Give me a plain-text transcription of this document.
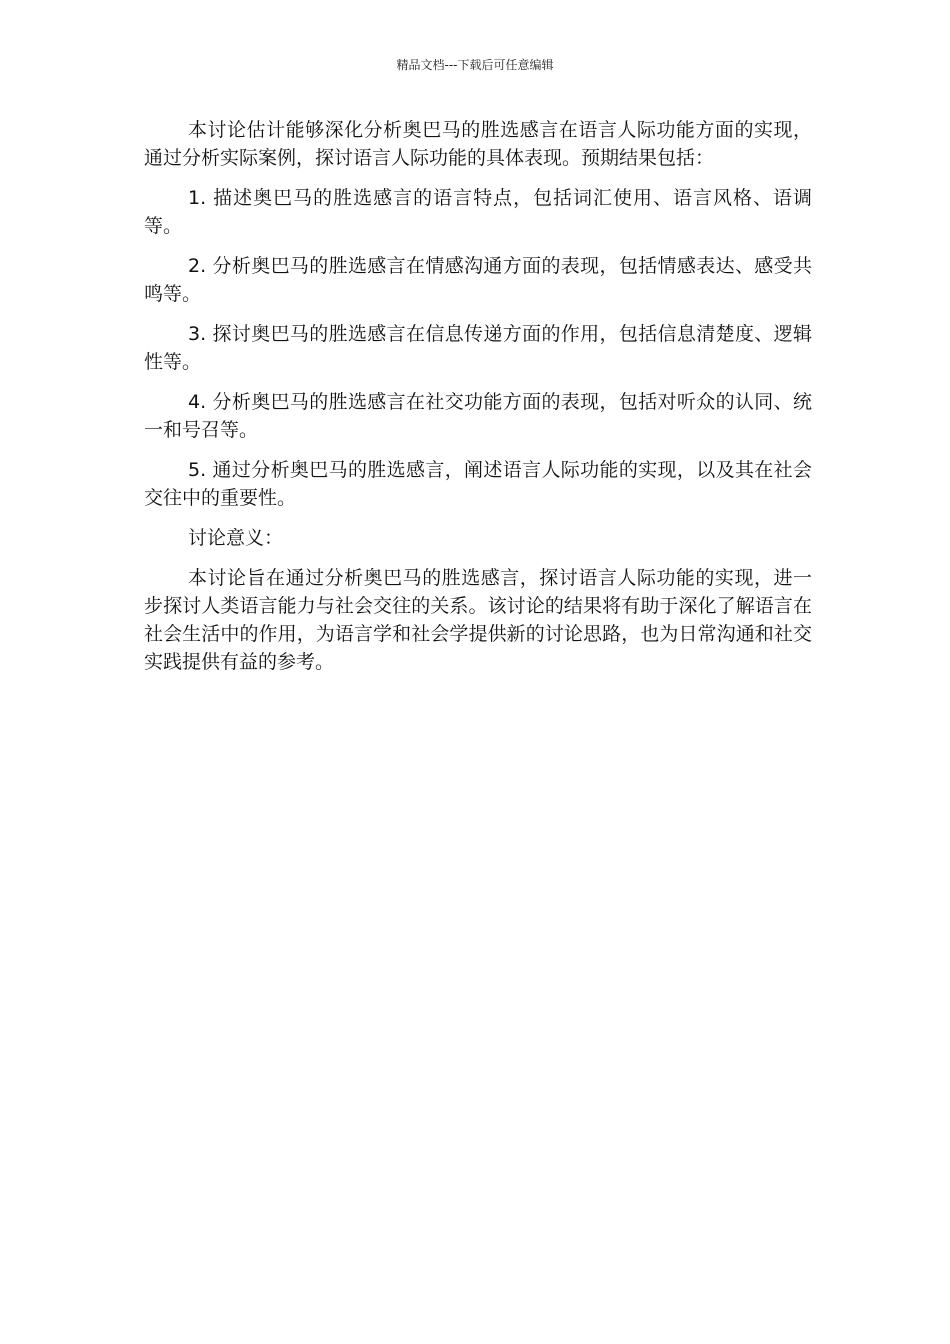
精品文档---下载后可任意编辑

本讨论估计能够深化分析奥巴马的胜选感言在语言人际功能方面的实现，通过分析实际案例，探讨语言人际功能的具体表现。预期结果包括：

1. 描述奥巴马的胜选感言的语言特点，包括词汇使用、语言风格、语调等。

2. 分析奥巴马的胜选感言在情感沟通方面的表现，包括情感表达、感受共鸣等。

3. 探讨奥巴马的胜选感言在信息传递方面的作用，包括信息清楚度、逻辑性等。

4. 分析奥巴马的胜选感言在社交功能方面的表现，包括对听众的认同、统一和号召等。

5. 通过分析奥巴马的胜选感言，阐述语言人际功能的实现，以及其在社会交往中的重要性。

讨论意义：

本讨论旨在通过分析奥巴马的胜选感言，探讨语言人际功能的实现，进一步探讨人类语言能力与社会交往的关系。该讨论的结果将有助于深化了解语言在社会生活中的作用，为语言学和社会学提供新的讨论思路，也为日常沟通和社交实践提供有益的参考。
